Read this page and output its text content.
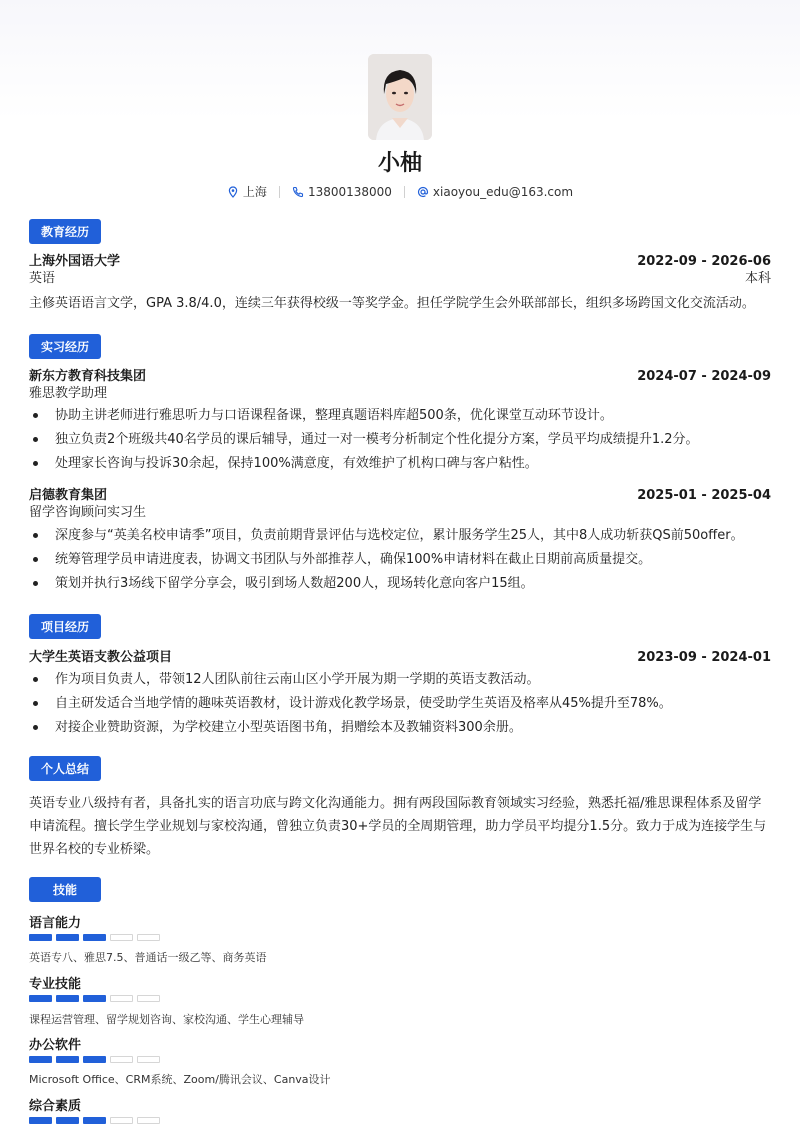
小柚
上海	13800138000	xiaoyou_edu@163.com
教育经历
上海外国语大学	2022-09 - 2026-06
英语	本科
主修英语语言文学，GPA 3.8/4.0，连续三年获得校级一等奖学金。担任学院学生会外联部部长，组织多场跨国文化交流活动。
实习经历
新东方教育科技集团	2024-07 - 2024-09
雅思教学助理
协助主讲老师进行雅思听力与口语课程备课，整理真题语料库超500条，优化课堂互动环节设计。
独立负责2个班级共40名学员的课后辅导，通过一对一模考分析制定个性化提分方案，学员平均成绩提升1.2分。
处理家长咨询与投诉30余起，保持100%满意度，有效维护了机构口碑与客户粘性。
启德教育集团	2025-01 - 2025-04
留学咨询顾问实习生
深度参与“英美名校申请季”项目，负责前期背景评估与选校定位，累计服务学生25人，其中8人成功斩获QS前50offer。
统筹管理学员申请进度表，协调文书团队与外部推荐人，确保100%申请材料在截止日期前高质量提交。
策划并执行3场线下留学分享会，吸引到场人数超200人，现场转化意向客户15组。
项目经历
大学生英语支教公益项目	2023-09 - 2024-01
作为项目负责人，带领12人团队前往云南山区小学开展为期一学期的英语支教活动。
自主研发适合当地学情的趣味英语教材，设计游戏化教学场景，使受助学生英语及格率从45%提升至78%。
对接企业赞助资源，为学校建立小型英语图书角，捐赠绘本及教辅资料300余册。
个人总结
英语专业八级持有者，具备扎实的语言功底与跨文化沟通能力。拥有两段国际教育领域实习经验，熟悉托福/雅思课程体系及留学
申请流程。擅长学生学业规划与家校沟通，曾独立负责30+学员的全周期管理，助力学员平均提分1.5分。致力于成为连接学生与
世界名校的专业桥梁。
技能
语言能力
英语专八、雅思7.5、普通话一级乙等、商务英语
专业技能
课程运营管理、留学规划咨询、家校沟通、学生心理辅导
办公软件
Microsoft Office、CRM系统、Zoom/腾讯会议、Canva设计
综合素质
